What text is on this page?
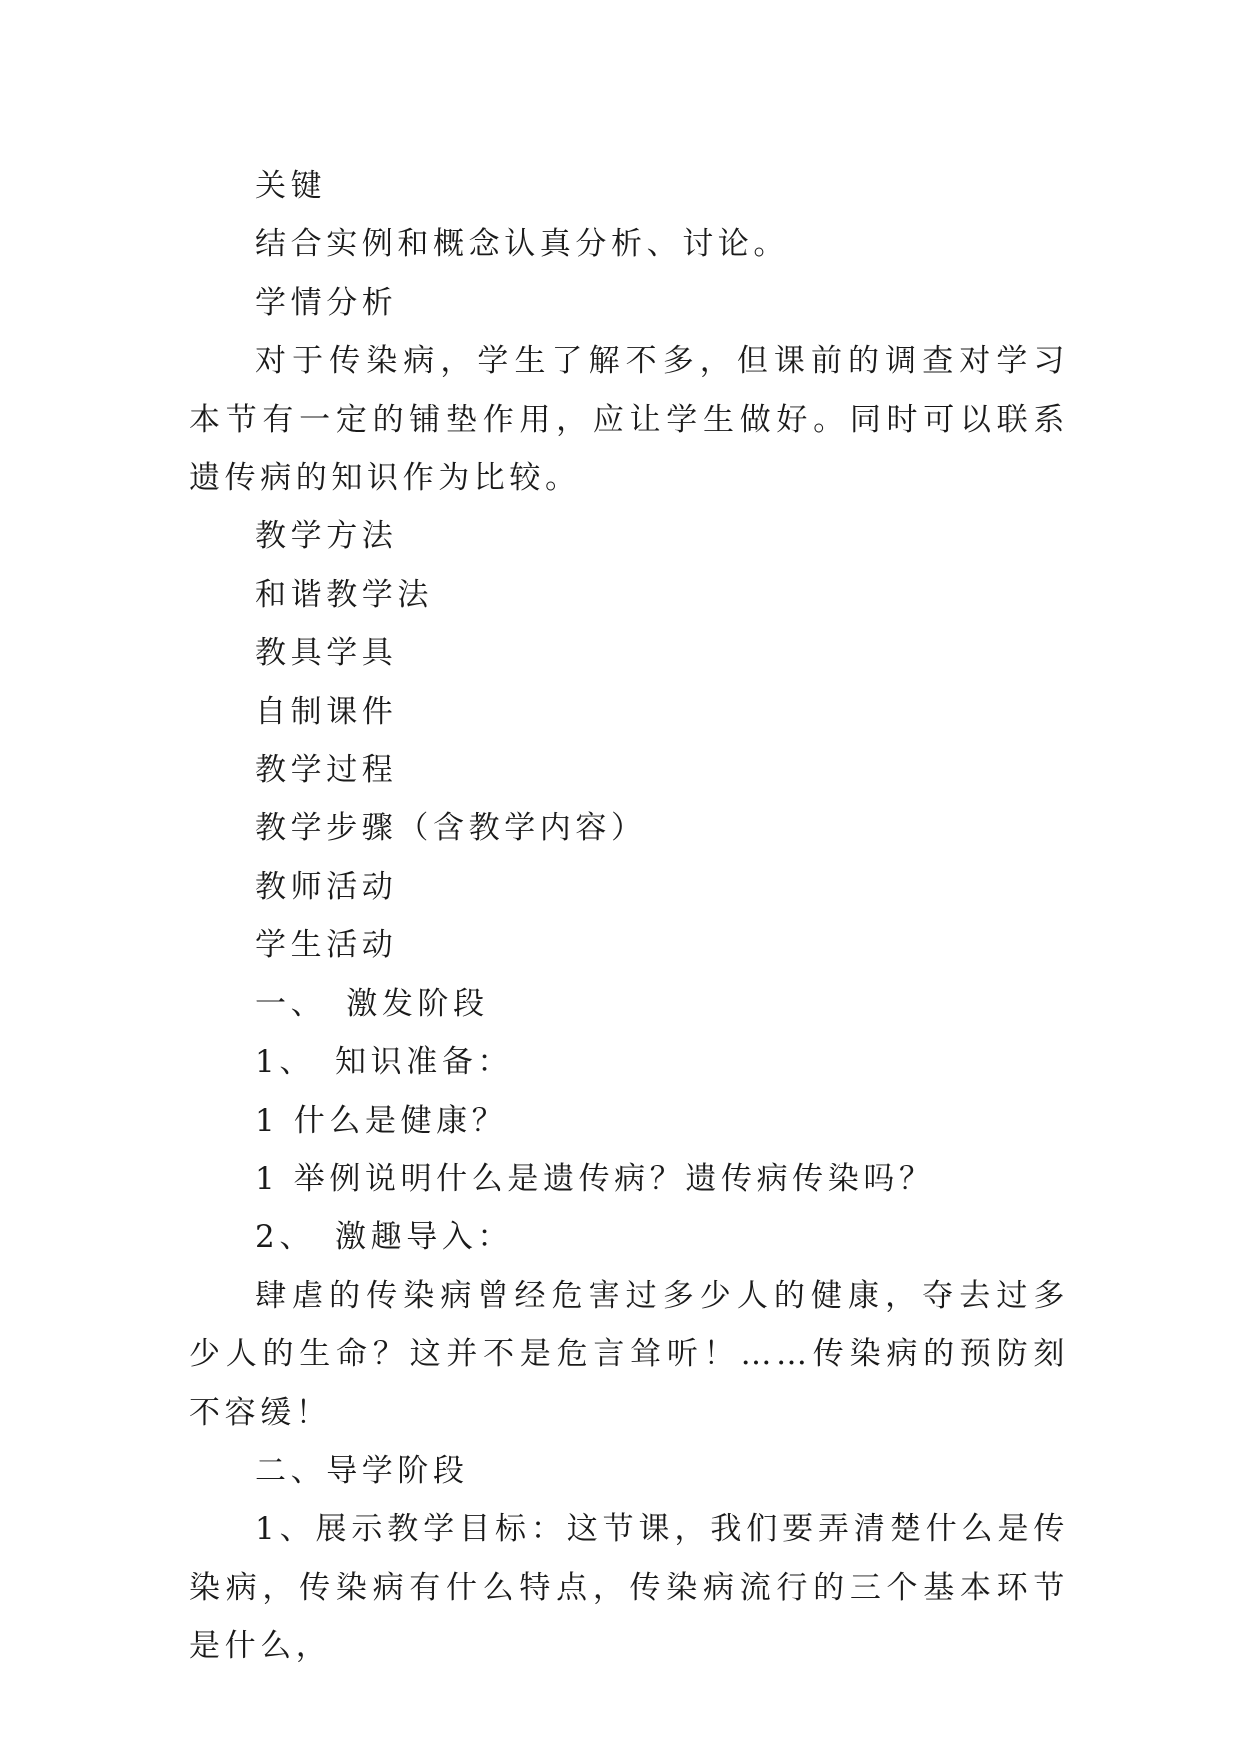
关键

结合实例和概念认真分析、讨论。

学情分析

对于传染病，学生了解不多，但课前的调查对学习本节有一定的铺垫作用，应让学生做好。同时可以联系遗传病的知识作为比较。

教学方法

和谐教学法

教具学具

自制课件

教学过程

教学步骤（含教学内容）

教师活动

学生活动

一、　激发阶段

1、　知识准备：

1 什么是健康？

1 举例说明什么是遗传病？遗传病传染吗？

2、　激趣导入：

肆虐的传染病曾经危害过多少人的健康，夺去过多少人的生命？这并不是危言耸听！……传染病的预防刻不容缓！

二、导学阶段

1、展示教学目标：这节课，我们要弄清楚什么是传染病，传染病有什么特点，传染病流行的三个基本环节是什么，
